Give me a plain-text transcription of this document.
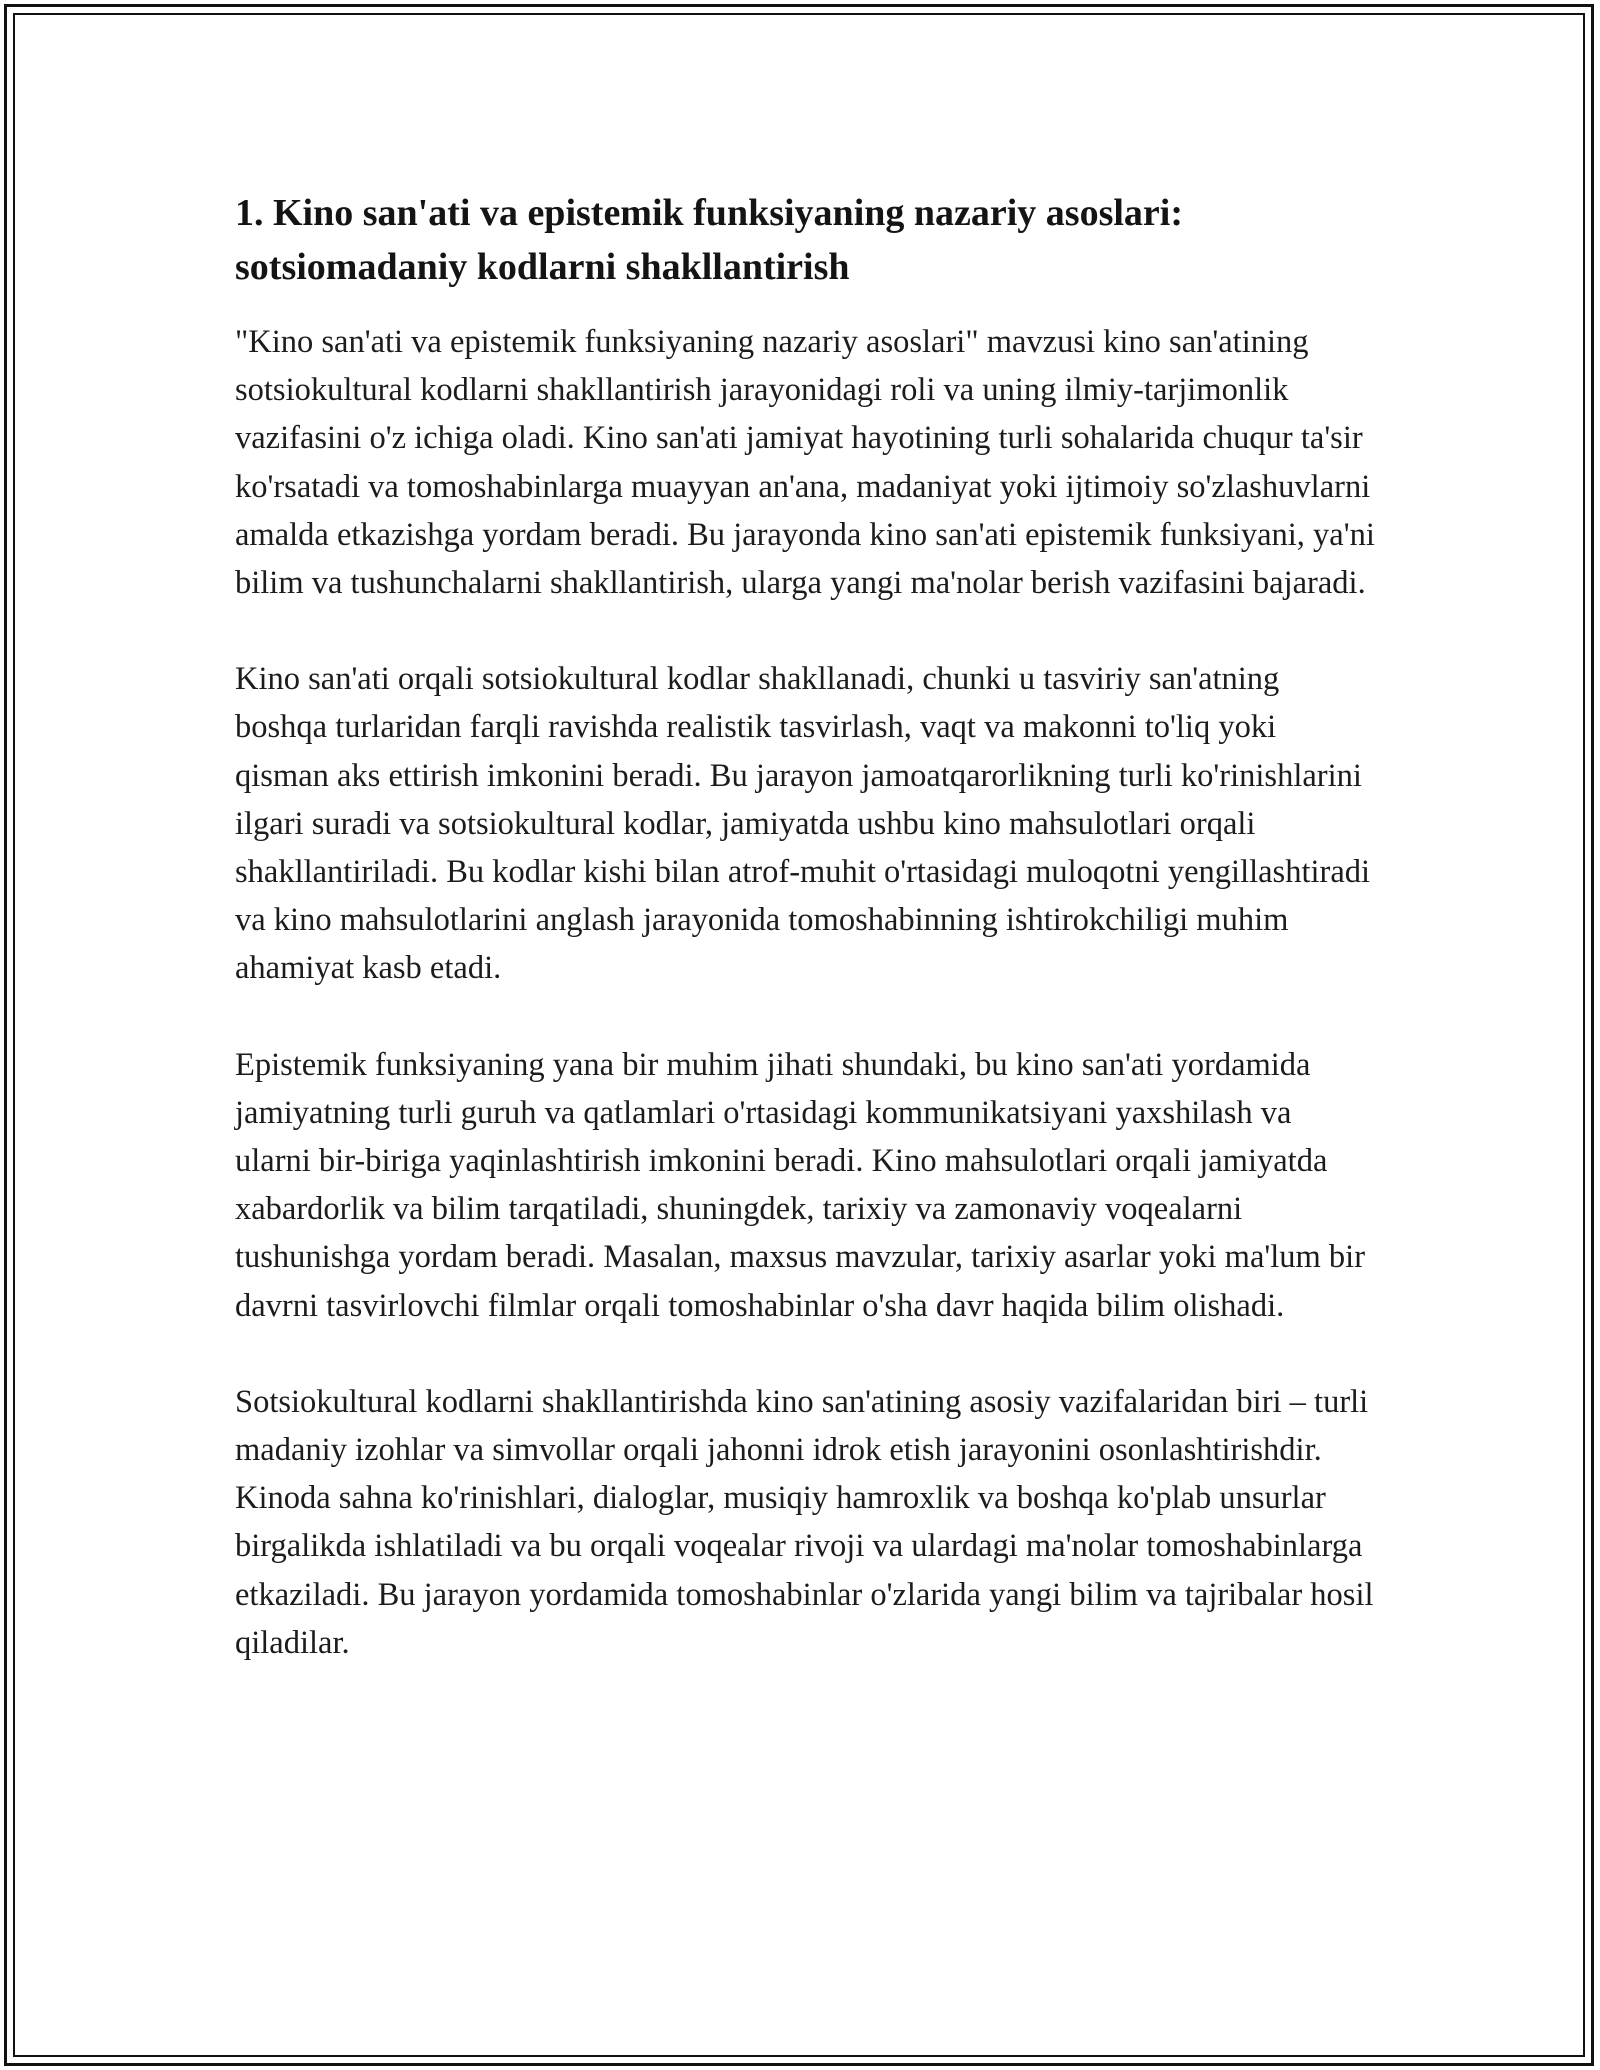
1. Kino san'ati va epistemik funksiyaning nazariy asoslari: sotsiomadaniy kodlarni shakllantirish

"Kino san'ati va epistemik funksiyaning nazariy asoslari" mavzusi kino san'atining sotsiokultural kodlarni shakllantirish jarayonidagi roli va uning ilmiy-tarjimonlik vazifasini o'z ichiga oladi. Kino san'ati jamiyat hayotining turli sohalarida chuqur ta'sir ko'rsatadi va tomoshabinlarga muayyan an'ana, madaniyat yoki ijtimoiy so'zlashuvlarni amalda etkazishga yordam beradi. Bu jarayonda kino san'ati epistemik funksiyani, ya'ni bilim va tushunchalarni shakllantirish, ularga yangi ma'nolar berish vazifasini bajaradi.

Kino san'ati orqali sotsiokultural kodlar shakllanadi, chunki u tasviriy san'atning boshqa turlaridan farqli ravishda realistik tasvirlash, vaqt va makonni to'liq yoki qisman aks ettirish imkonini beradi. Bu jarayon jamoatqarorlikning turli ko'rinishlarini ilgari suradi va sotsiokultural kodlar, jamiyatda ushbu kino mahsulotlari orqali shakllantiriladi. Bu kodlar kishi bilan atrof-muhit o'rtasidagi muloqotni yengillashtiradi va kino mahsulotlarini anglash jarayonida tomoshabinning ishtirokchiligi muhim ahamiyat kasb etadi.

Epistemik funksiyaning yana bir muhim jihati shundaki, bu kino san'ati yordamida jamiyatning turli guruh va qatlamlari o'rtasidagi kommunikatsiyani yaxshilash va ularni bir-biriga yaqinlashtirish imkonini beradi. Kino mahsulotlari orqali jamiyatda xabardorlik va bilim tarqatiladi, shuningdek, tarixiy va zamonaviy voqealarni tushunishga yordam beradi. Masalan, maxsus mavzular, tarixiy asarlar yoki ma'lum bir davrni tasvirlovchi filmlar orqali tomoshabinlar o'sha davr haqida bilim olishadi.

Sotsiokultural kodlarni shakllantirishda kino san'atining asosiy vazifalaridan biri – turli madaniy izohlar va simvollar orqali jahonni idrok etish jarayonini osonlashtirishdir. Kinoda sahna ko'rinishlari, dialoglar, musiqiy hamroxlik va boshqa ko'plab unsurlar birgalikda ishlatiladi va bu orqali voqealar rivoji va ulardagi ma'nolar tomoshabinlarga etkaziladi. Bu jarayon yordamida tomoshabinlar o'zlarida yangi bilim va tajribalar hosil qiladilar.
